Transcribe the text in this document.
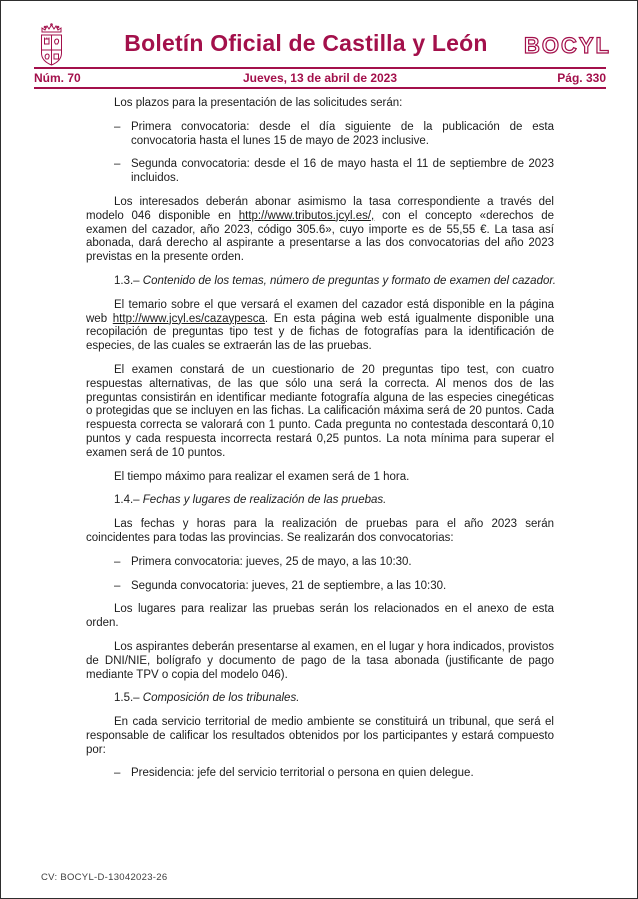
Boletín Oficial de Castilla y León BOCYL
Núm. 70	Jueves, 13 de abril de 2023	Pág. 330

Los plazos para la presentación de las solicitudes serán:

– Primera convocatoria: desde el día siguiente de la publicación de esta convocatoria hasta el lunes 15 de mayo de 2023 inclusive.
– Segunda convocatoria: desde el 16 de mayo hasta el 11 de septiembre de 2023 incluidos.

Los interesados deberán abonar asimismo la tasa correspondiente a través del modelo 046 disponible en http://www.tributos.jcyl.es/, con el concepto «derechos de examen del cazador, año 2023, código 305.6», cuyo importe es de 55,55 €. La tasa así abonada, dará derecho al aspirante a presentarse a las dos convocatorias del año 2023 previstas en la presente orden.

1.3.– Contenido de los temas, número de preguntas y formato de examen del cazador.

El temario sobre el que versará el examen del cazador está disponible en la página web http://www.jcyl.es/cazaypesca. En esta página web está igualmente disponible una recopilación de preguntas tipo test y de fichas de fotografías para la identificación de especies, de las cuales se extraerán las de las pruebas.

El examen constará de un cuestionario de 20 preguntas tipo test, con cuatro respuestas alternativas, de las que sólo una será la correcta. Al menos dos de las preguntas consistirán en identificar mediante fotografía alguna de las especies cinegéticas o protegidas que se incluyen en las fichas. La calificación máxima será de 20 puntos. Cada respuesta correcta se valorará con 1 punto. Cada pregunta no contestada descontará 0,10 puntos y cada respuesta incorrecta restará 0,25 puntos. La nota mínima para superar el examen será de 10 puntos.

El tiempo máximo para realizar el examen será de 1 hora.

1.4.– Fechas y lugares de realización de las pruebas.

Las fechas y horas para la realización de pruebas para el año 2023 serán coincidentes para todas las provincias. Se realizarán dos convocatorias:

– Primera convocatoria: jueves, 25 de mayo, a las 10:30.
– Segunda convocatoria: jueves, 21 de septiembre, a las 10:30.

Los lugares para realizar las pruebas serán los relacionados en el anexo de esta orden.

Los aspirantes deberán presentarse al examen, en el lugar y hora indicados, provistos de DNI/NIE, bolígrafo y documento de pago de la tasa abonada (justificante de pago mediante TPV o copia del modelo 046).

1.5.– Composición de los tribunales.

En cada servicio territorial de medio ambiente se constituirá un tribunal, que será el responsable de calificar los resultados obtenidos por los participantes y estará compuesto por:

– Presidencia: jefe del servicio territorial o persona en quien delegue.
CV: BOCYL-D-13042023-26
